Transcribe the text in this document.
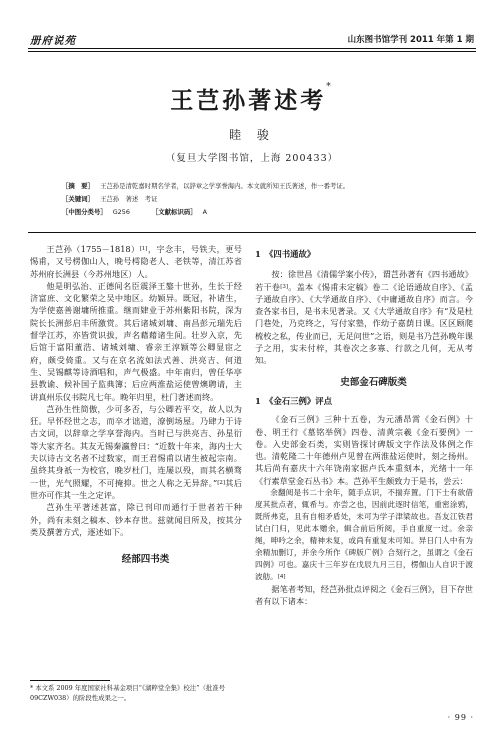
册府说苑	山东图书馆学刊 2011 年第 1 期
王芑孙著述考*
睦 骏
（复旦大学图书馆，上海 200433）
［摘　要］ 王芑孙是清乾嘉时期名学者，以辞章之学享誉海内。本文就所知王氏著述，作一番考证。
［关键词］ 王芑孙　著述　考证
［中图分类号］ G256	［文献标识码］ A

王芑孙（1755－1818）[1]，字念丰，号铁夫，更号惕甫，又号楞伽山人，晚号樗隐老人、老铁等，清江苏省苏州府长洲县（今苏州地区）人。

他是明弘治、正德间名臣震泽王鏊十世孙，生长于经济富庶、文化繁荣之吴中地区。幼颖异。既冠，补诸生，为学使嘉善谢墉所推重。继而肄业于苏州紫阳书院，深为院长长洲彭启丰所激赏。其后诸城刘墉、南昌彭元瑞先后督学江苏，亦皆赏识拔，声名藉藉诸生间。壮岁入京，先后馆于富阳董浩、诸城刘墉、睿亲王淳颖等公卿显宦之府，颇受倚重。又与在京名流如法式善、洪亮吉、何道生、吴锡麒等诗酒唱和，声气极盛。中年南归，曾任华亭县教谕、候补国子监典簿；后应两淮盐运使曾燠聘请，主讲真州乐仪书院凡七年。晚年归里，杜门著述而终。

芑孙生性简傲，少可多否，与公卿若平交，故人以为狂。早怀经世之志，而卒才诎道，潦倒场屋。乃肆力于诗古文词，以辞章之学享誉海内。当时已与洪亮吉、孙星衍等大家齐名。其友无锡秦瀛曾曰：“近数十年来，海内士大夫以诗古文名者不过数家，而王君惕甫以诸生被起宗南。虽終其身祇一为校官，晚岁杜门，连屡以殁，而其名横骛一世，光气照耀，不可掩抑。世之人称之无异辞。”[2]其后世亦可作其一生之定评。

芑孙生平著述甚富，除已刊印而通行于世者若干种外，尚有未刻之稿本、钞本存世。兹就闻目所及，按其分类及撰著方式，逐述如下。

经部四书类

1　《四书通故》

按：徐世昌《清儒学案小传》，谓芑孙著有《四书通故》若干卷[3]。盖本《惕甫未定稿》卷二《论语通故自序》、《孟子通故自序》、《大学通故自序》、《中庸通故自序》而言。今查各家书目，是书未见著录。又《大学通故自序》有“及是杜门巷处，乃克终之，写付家塾，作幼子嘉荫日课。区区顾爬梳校之私，传业而已，无足问世”之语，则是书乃芑孙晚年课子之用，实未付梓，其卷次之多寡、行款之几何，无从考知。

史部金石碑版类

1　《金石三例》评点

《金石三例》三种十五卷，为元潘昂霄《金石例》十卷、明王行《墓铭举例》四卷、清黄宗羲《金石要例》一卷。入史部金石类，实则皆探讨碑版文字作法及体例之作也。清乾隆二十年德州卢见曾在两淮盐运使时，刻之扬州。其后尚有嘉庆十六年饶南家据卢氏本重刻本，光绪十一年《行素草堂金石丛书》本。芑孙平生颇致力于是书，尝云：

余翻阅是书二十余年，随手点识，不揣弃置。门下士有欲借度其批点者，辄希与。亦尝之也，因前此逐时信笔，重密涂鸦，既所弗克，且有自相矛盾处，未可为学子津梁故也。吾友江铁君试白门归，见此本赠余，辑合前后所阅，手自重度一过。余亲绳，呻吟之余，精神未复，或尚有重复未可知。异日门人中有为余精加删订，并余今所作《碑版广例》合刻行之，虽谓之《金石四例》可也。嘉庆十三年岁在戊辰九月三日，楞伽山人自识于渡波舫。[4]

据笔者考知，经芑孙批点评阅之《金石三例》，目下存世者有以下诸本：

* 本文系 2009 年度国家社科基金项目“《湖粹堂全集》校注”（批准号 09CZW038）的阶段性成果之一。
· 99 ·
